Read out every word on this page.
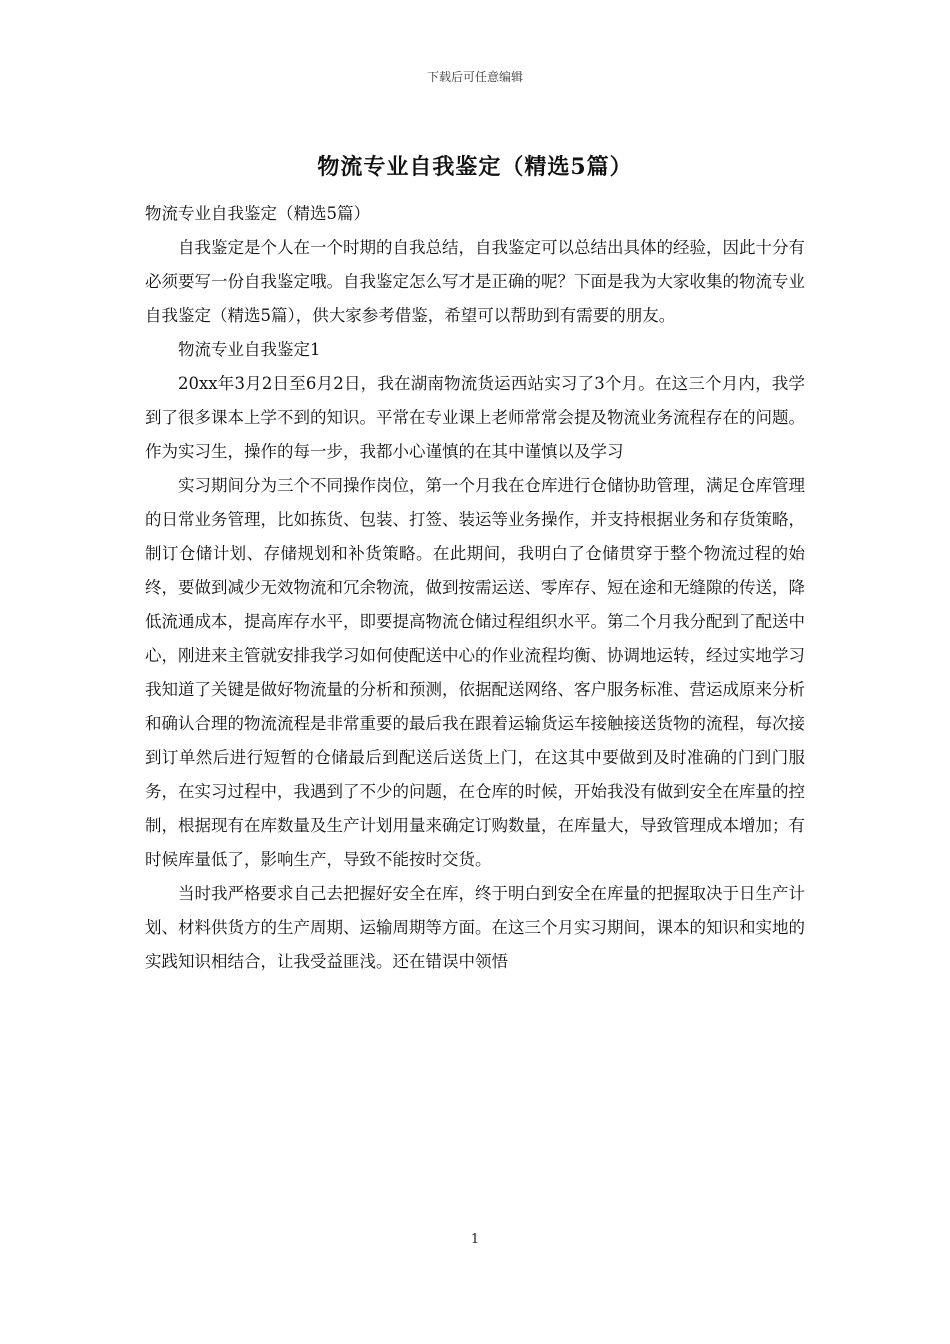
下载后可任意编辑
物流专业自我鉴定（精选5篇）

物流专业自我鉴定（精选5篇）

自我鉴定是个人在一个时期的自我总结，自我鉴定可以总结出具体的经验，因此十分有必须要写一份自我鉴定哦。自我鉴定怎么写才是正确的呢？下面是我为大家收集的物流专业自我鉴定（精选5篇），供大家参考借鉴，希望可以帮助到有需要的朋友。

物流专业自我鉴定1

20xx年3月2日至6月2日，我在湖南物流货运西站实习了3个月。在这三个月内，我学到了很多课本上学不到的知识。平常在专业课上老师常常会提及物流业务流程存在的问题。作为实习生，操作的每一步，我都小心谨慎的在其中谨慎以及学习

实习期间分为三个不同操作岗位，第一个月我在仓库进行仓储协助管理，满足仓库管理的日常业务管理，比如拣货、包装、打签、装运等业务操作，并支持根据业务和存货策略，制订仓储计划、存储规划和补货策略。在此期间，我明白了仓储贯穿于整个物流过程的始终，要做到减少无效物流和冗余物流，做到按需运送、零库存、短在途和无缝隙的传送，降低流通成本，提高库存水平，即要提高物流仓储过程组织水平。第二个月我分配到了配送中心，刚进来主管就安排我学习如何使配送中心的作业流程均衡、协调地运转，经过实地学习我知道了关键是做好物流量的分析和预测，依据配送网络、客户服务标准、营运成原来分析和确认合理的物流流程是非常重要的最后我在跟着运输货运车接触接送货物的流程，每次接到订单然后进行短暂的仓储最后到配送后送货上门，在这其中要做到及时准确的门到门服务，在实习过程中，我遇到了不少的问题，在仓库的时候，开始我没有做到安全在库量的控制，根据现有在库数量及生产计划用量来确定订购数量，在库量大，导致管理成本增加；有时候库量低了，影响生产，导致不能按时交货。

当时我严格要求自己去把握好安全在库，终于明白到安全在库量的把握取决于日生产计划、材料供货方的生产周期、运输周期等方面。在这三个月实习期间，课本的知识和实地的实践知识相结合，让我受益匪浅。还在错误中领悟

1
